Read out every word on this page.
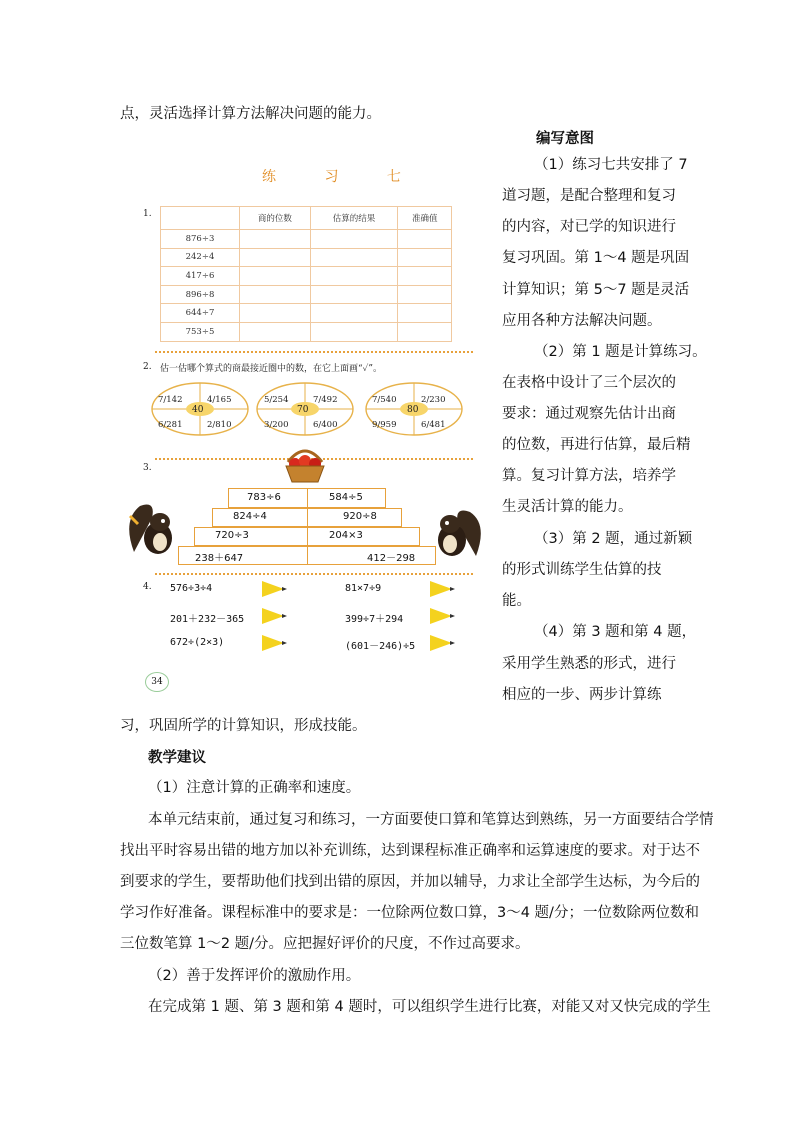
点，灵活选择计算方法解决问题的能力。
练 习 七
1.
		商的位数	估算的结果	准确值
876÷3			
242÷4			
417÷6			
896÷8			
644÷7			
753÷5			
2. 估一估哪个算式的商最接近圈中的数，在它上面画“✓”。
40	70	80
7/142	4/165
6/281	2/810
5/254	7/492
3/200	6/400
7/540	2/230
9/959	6/481
3.
783÷6	584÷5
824÷4	920÷8
720÷3	204×3
238＋647	412－298
4. 576÷3÷4
201＋232－365
672÷(2×3)
81×7÷9
399÷7＋294
(601－246)÷5
34
编写意图
（1）练习七共安排了 7
道习题，是配合整理和复习
的内容，对已学的知识进行
复习巩固。第 1～4 题是巩固
计算知识；第 5～7 题是灵活
应用各种方法解决问题。
（2）第 1 题是计算练习。
在表格中设计了三个层次的
要求：通过观察先估计出商
的位数，再进行估算，最后精
算。复习计算方法，培养学
生灵活计算的能力。
（3）第 2 题，通过新颖
的形式训练学生估算的技
能。
（4）第 3 题和第 4 题，
采用学生熟悉的形式，进行
相应的一步、两步计算练
习，巩固所学的计算知识，形成技能。
教学建议
（1）注意计算的正确率和速度。
本单元结束前，通过复习和练习，一方面要使口算和笔算达到熟练，另一方面要结合学情
找出平时容易出错的地方加以补充训练，达到课程标准正确率和运算速度的要求。对于达不
到要求的学生，要帮助他们找到出错的原因，并加以辅导，力求让全部学生达标，为今后的
学习作好准备。课程标准中的要求是：一位除两位数口算，3～4 题/分；一位数除两位数和
三位数笔算 1～2 题/分。应把握好评价的尺度，不作过高要求。
（2）善于发挥评价的激励作用。
在完成第 1 题、第 3 题和第 4 题时，可以组织学生进行比赛，对能又对又快完成的学生
